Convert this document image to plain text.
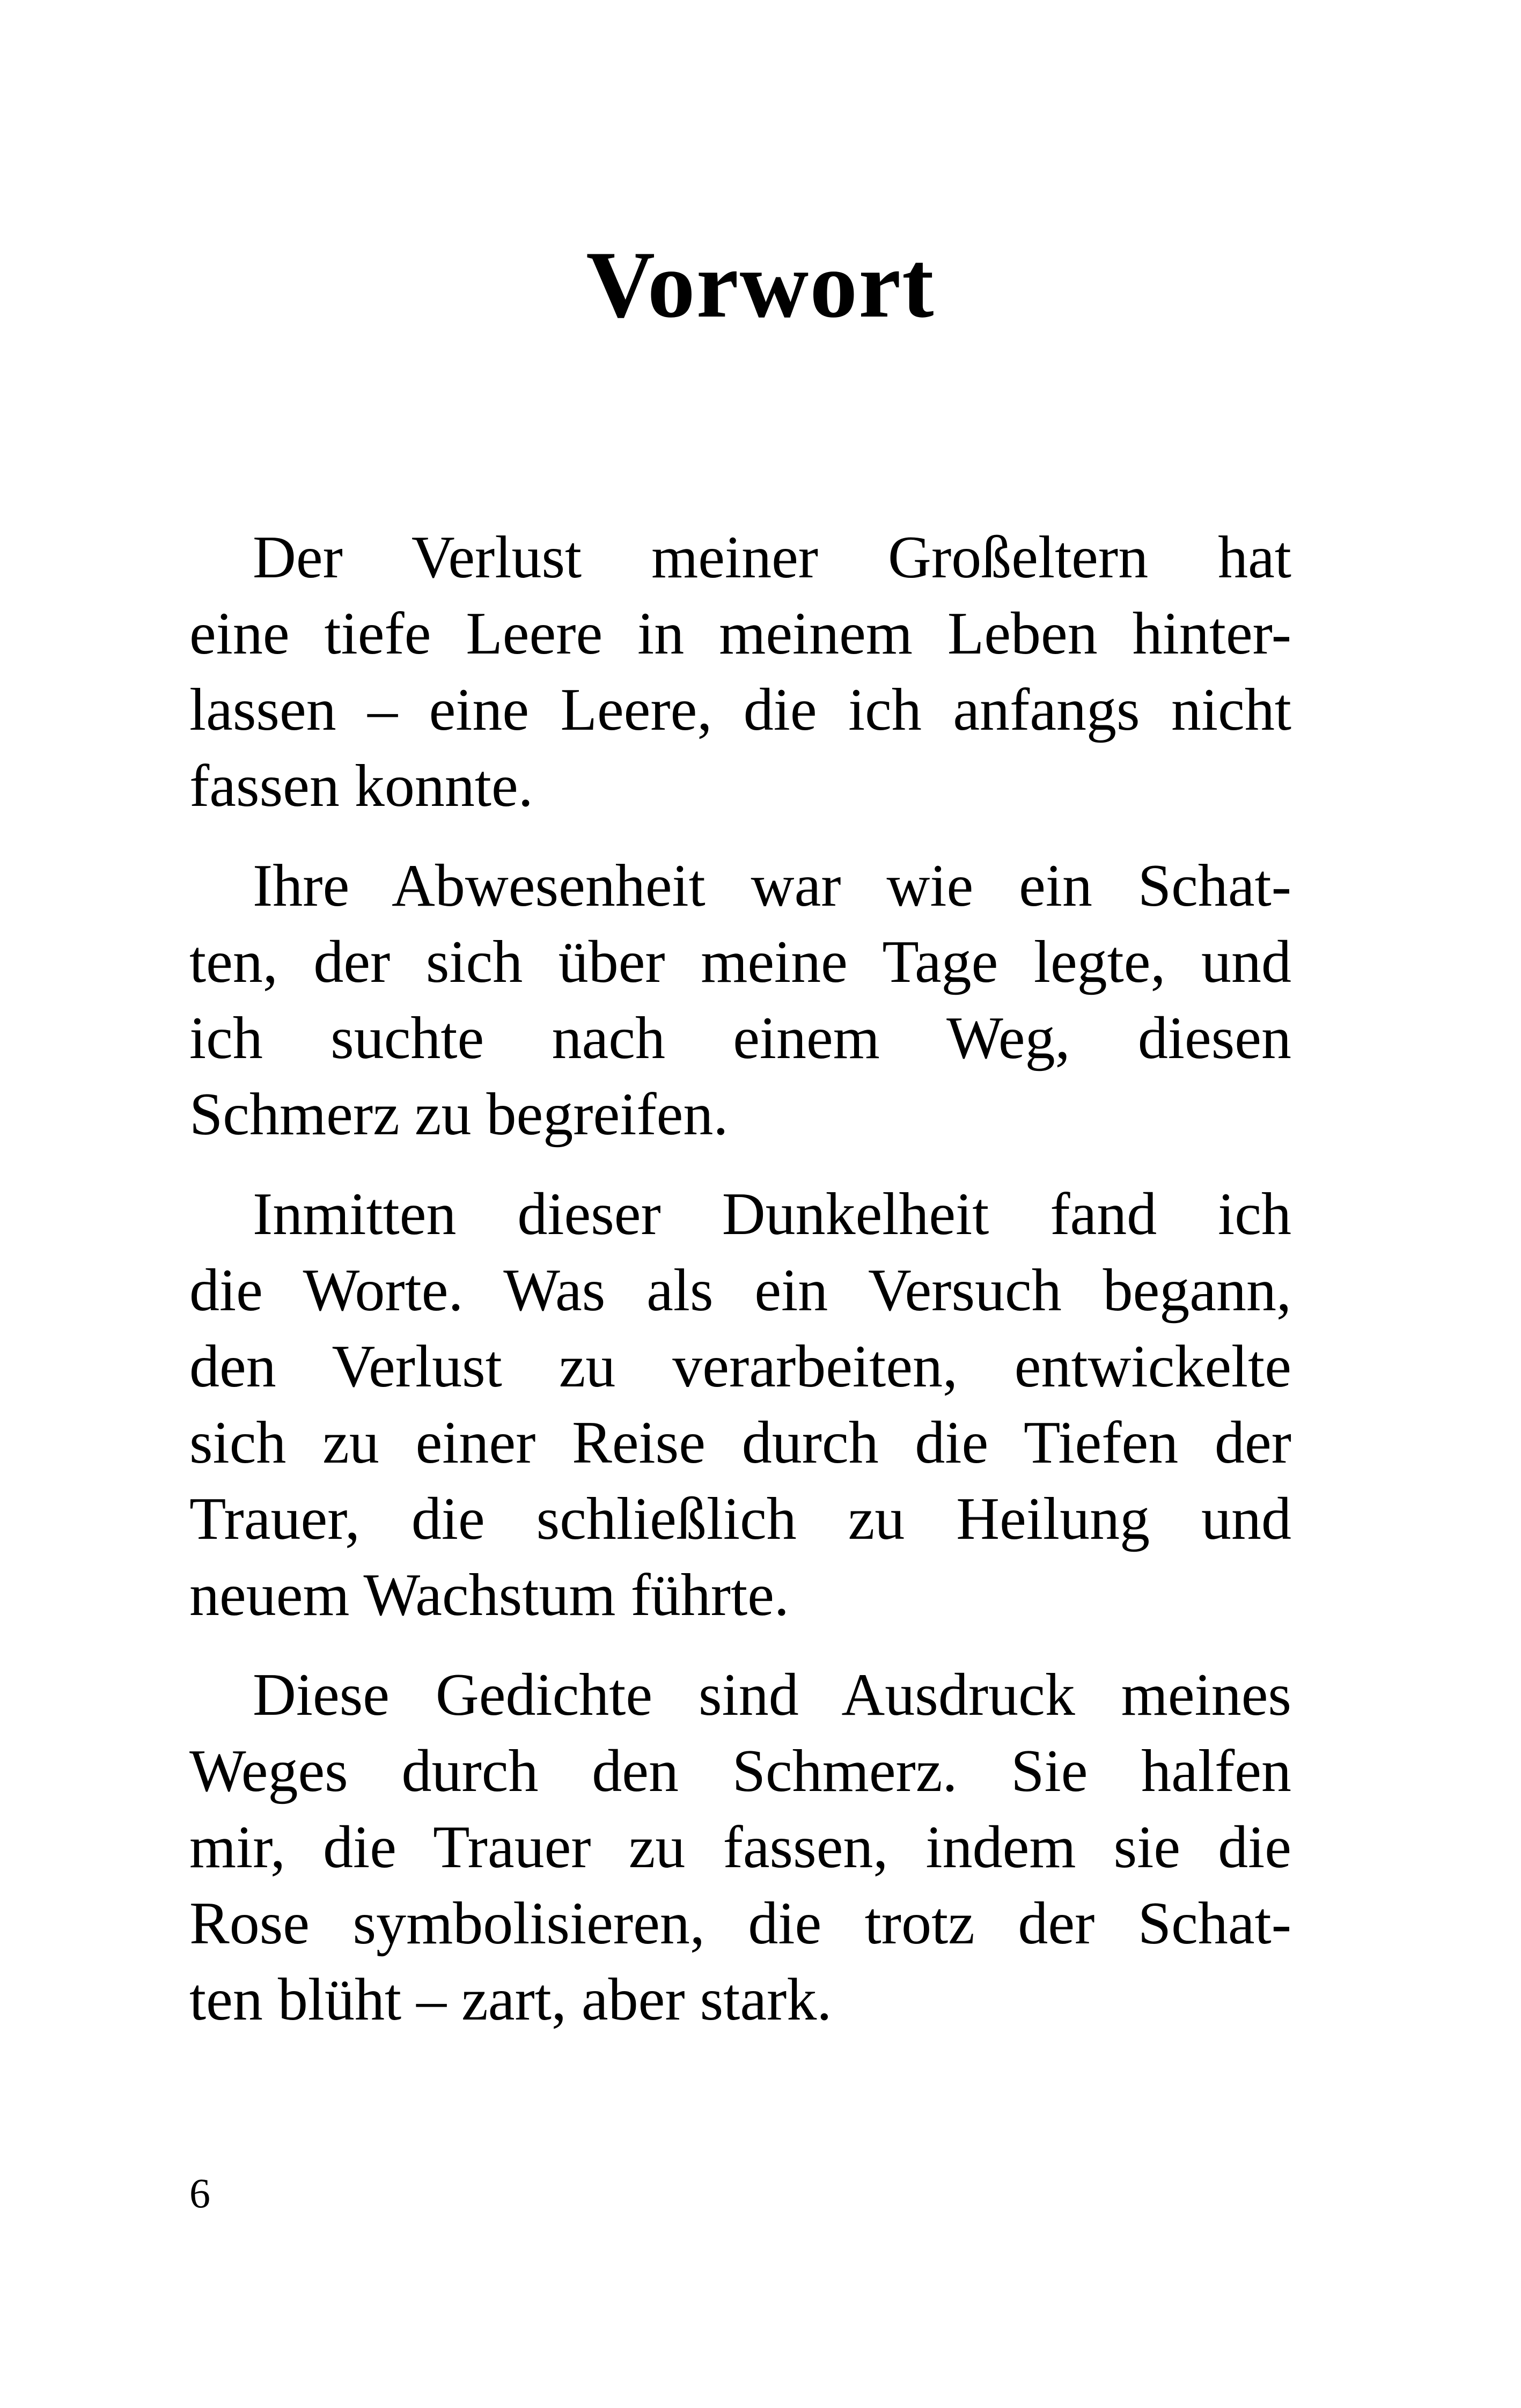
Vorwort

Der Verlust meiner Großeltern hat
eine tiefe Leere in meinem Leben hinter-
lassen – eine Leere, die ich anfangs nicht
fassen konnte.

Ihre Abwesenheit war wie ein Schat-
ten, der sich über meine Tage legte, und
ich suchte nach einem Weg, diesen
Schmerz zu begreifen.

Inmitten dieser Dunkelheit fand ich
die Worte. Was als ein Versuch begann,
den Verlust zu verarbeiten, entwickelte
sich zu einer Reise durch die Tiefen der
Trauer, die schließlich zu Heilung und
neuem Wachstum führte.

Diese Gedichte sind Ausdruck meines
Weges durch den Schmerz. Sie halfen
mir, die Trauer zu fassen, indem sie die
Rose symbolisieren, die trotz der Schat-
ten blüht – zart, aber stark.

6
